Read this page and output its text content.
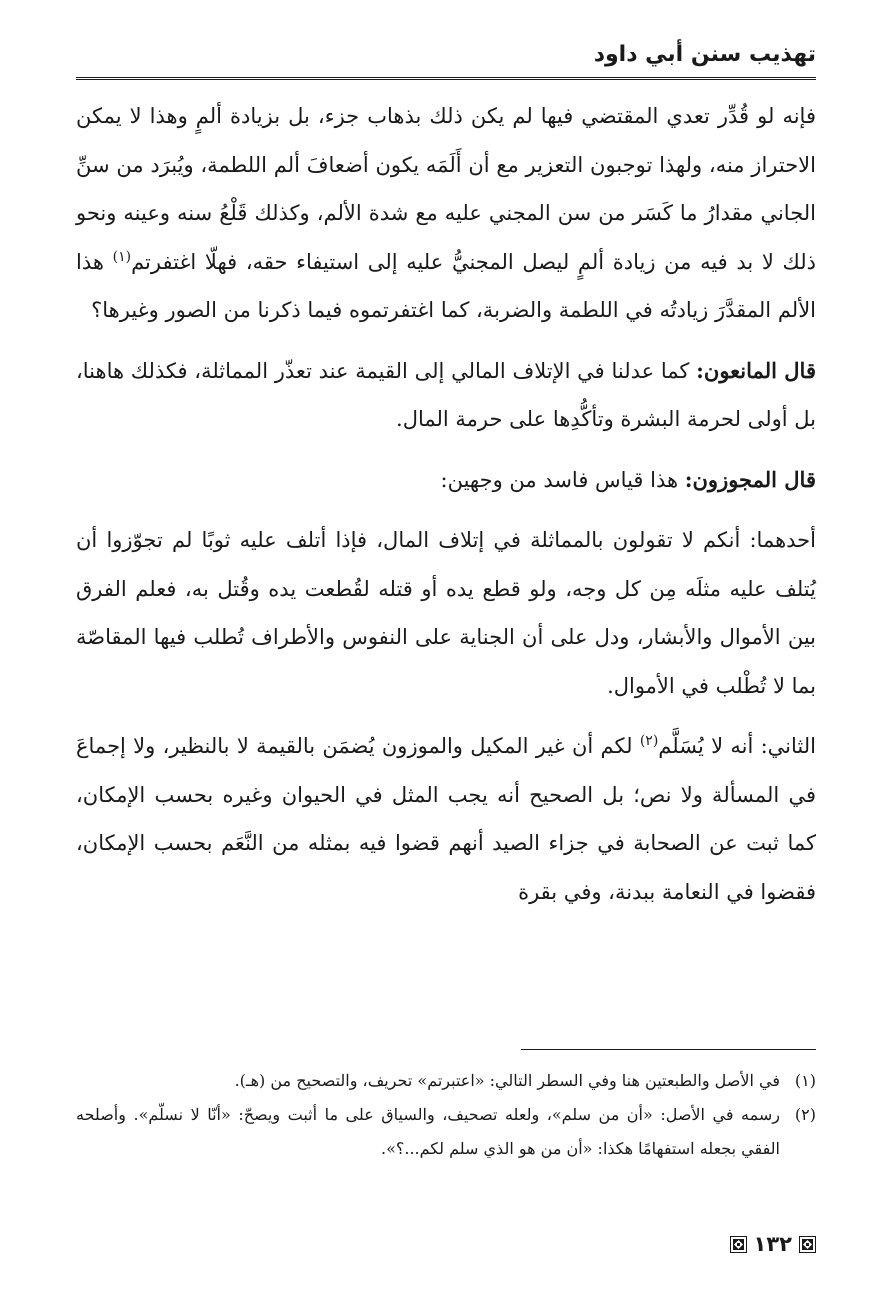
تهذيب سنن أبي داود

فإنه لو قُدِّر تعدي المقتضي فيها لم يكن ذلك بذهاب جزء، بل بزيادة ألمٍ وهذا لا يمكن الاحتراز منه، ولهذا توجبون التعزير مع أن أَلَمَه يكون أضعافَ ألم اللطمة، ويُبرَد من سنِّ الجاني مقدارُ ما كَسَر من سن المجني عليه مع شدة الألم، وكذلك قَلْعُ سنه وعينه ونحو ذلك لا بد فيه من زيادة ألمٍ ليصل المجنيُّ عليه إلى استيفاء حقه، فهلّا اغتفرتم$^{(١)}$ هذا الألم المقدَّرَ زيادتُه في اللطمة والضربة، كما اغتفرتموه فيما ذكرنا من الصور وغيرها؟

قال المانعون: كما عدلنا في الإتلاف المالي إلى القيمة عند تعذّر المماثلة، فكذلك هاهنا، بل أولى لحرمة البشرة وتأكُّدِها على حرمة المال.

قال المجوزون: هذا قياس فاسد من وجهين:

أحدهما: أنكم لا تقولون بالمماثلة في إتلاف المال، فإذا أتلف عليه ثوبًا لم تجوّزوا أن يُتلف عليه مثلَه مِن كل وجه، ولو قطع يده أو قتله لقُطعت يده وقُتل به، فعلم الفرق بين الأموال والأبشار، ودل على أن الجناية على النفوس والأطراف تُطلب فيها المقاصّة بما لا تُطْلب في الأموال.

الثاني: أنه لا يُسَلَّم$^{(٢)}$ لكم أن غير المكيل والموزون يُضمَن بالقيمة لا بالنظير، ولا إجماعَ في المسألة ولا نص؛ بل الصحيح أنه يجب المثل في الحيوان وغيره بحسب الإمكان، كما ثبت عن الصحابة في جزاء الصيد أنهم قضوا فيه بمثله من النَّعَم بحسب الإمكان، فقضوا في النعامة ببدنة، وفي بقرة

(١)
في الأصل والطبعتين هنا وفي السطر التالي: «اعتبرتم» تحريف، والتصحيح من (هـ).
(٢)
رسمه في الأصل: «أن من سلم»، ولعله تصحيف، والسياق على ما أثبت ويصحّ: «أنّا لا نسلّم». وأصلحه الفقي بجعله استفهامًا هكذا: «أن من هو الذي سلم لكم...؟».
١٣٢
